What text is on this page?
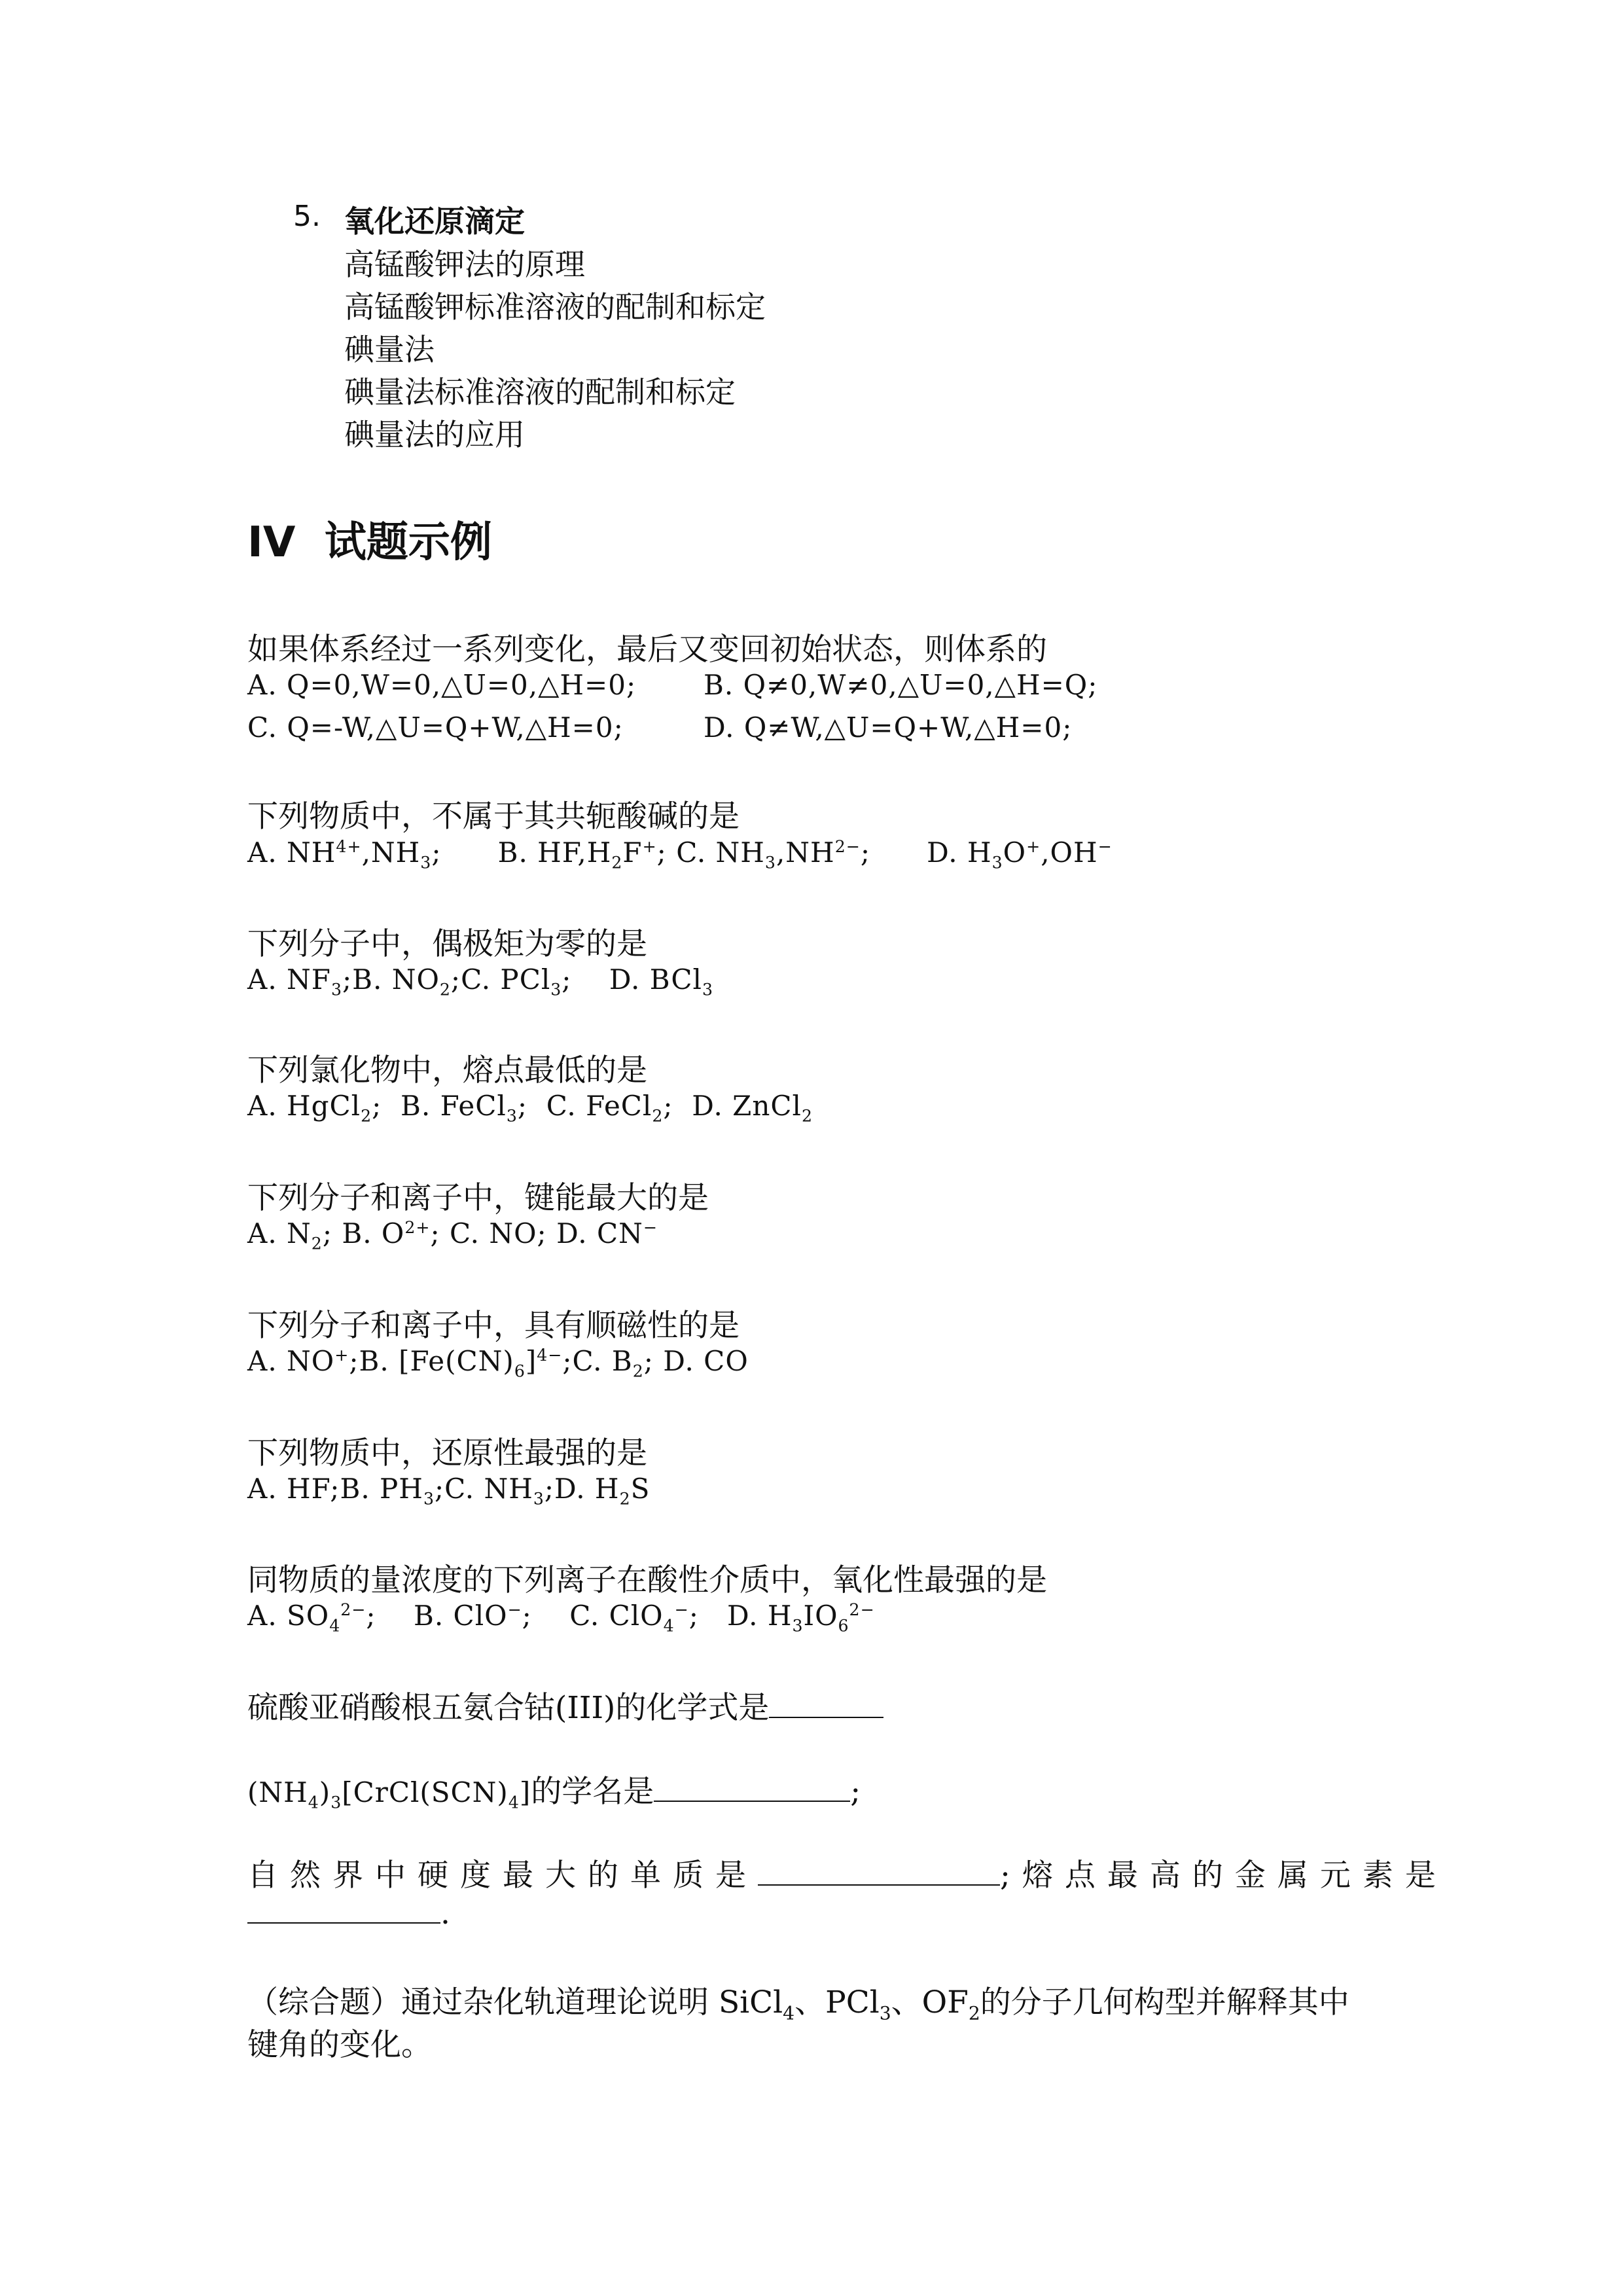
5. 氧化还原滴定
高锰酸钾法的原理
高锰酸钾标准溶液的配制和标定
碘量法
碘量法标准溶液的配制和标定
碘量法的应用
IV 试题示例
如果体系经过一系列变化，最后又变回初始状态，则体系的
A. Q=0,W=0,△U=0,△H=0; B. Q≠0,W≠0,△U=0,△H=Q;
C. Q=-W,△U=Q+W,△H=0;	D. Q≠W,△U=Q+W,△H=0;
下列物质中，不属于其共轭酸碱的是
A. $NH^{4+},NH_3$;      B. $HF,H_2F^+$; C. $NH_3,NH^{2-}$;      D. $H_3O^+,OH^-$
下列分子中，偶极矩为零的是
A. $NF_3;B$. $NO_2;C$. PCl$_3$;    D. BCl$_3$
下列氯化物中，熔点最低的是
A. HgCl$_2$;  B. FeCl$_3$;  C. FeCl$_2$;  D. ZnCl$_2$
下列分子和离子中，键能最大的是
A. $N_2$; B. $O^{2+}$; C. NO; D. CN−
下列分子和离子中，具有顺磁性的是
A. NO+;B. $[Fe(CN)_6]^{4-};C$. $B_2$; D. CO
下列物质中，还原性最强的是
A. HF;B. $PH_3;C$. $NH_3;D$. $H_2S$
同物质的量浓度的下列离子在酸性介质中，氧化性最强的是
A. $SO_4^{2-}$;    B. ClO−;    C. ClO$_4$−;   D. $H_3IO_6^{2-}$
硫酸亚硝酸根五氨合钴(III)的化学式是
$(NH_4)_3[CrCl(SCN)_4]$的学名是	;
自然界中硬度最大的单质是	;熔点最高的金属元素是
.
（综合题）通过杂化轨道理论说明 SiCl$_4$、PCl$_3$、$OF_2$的分子几何构型并解释其中
键角的变化。
